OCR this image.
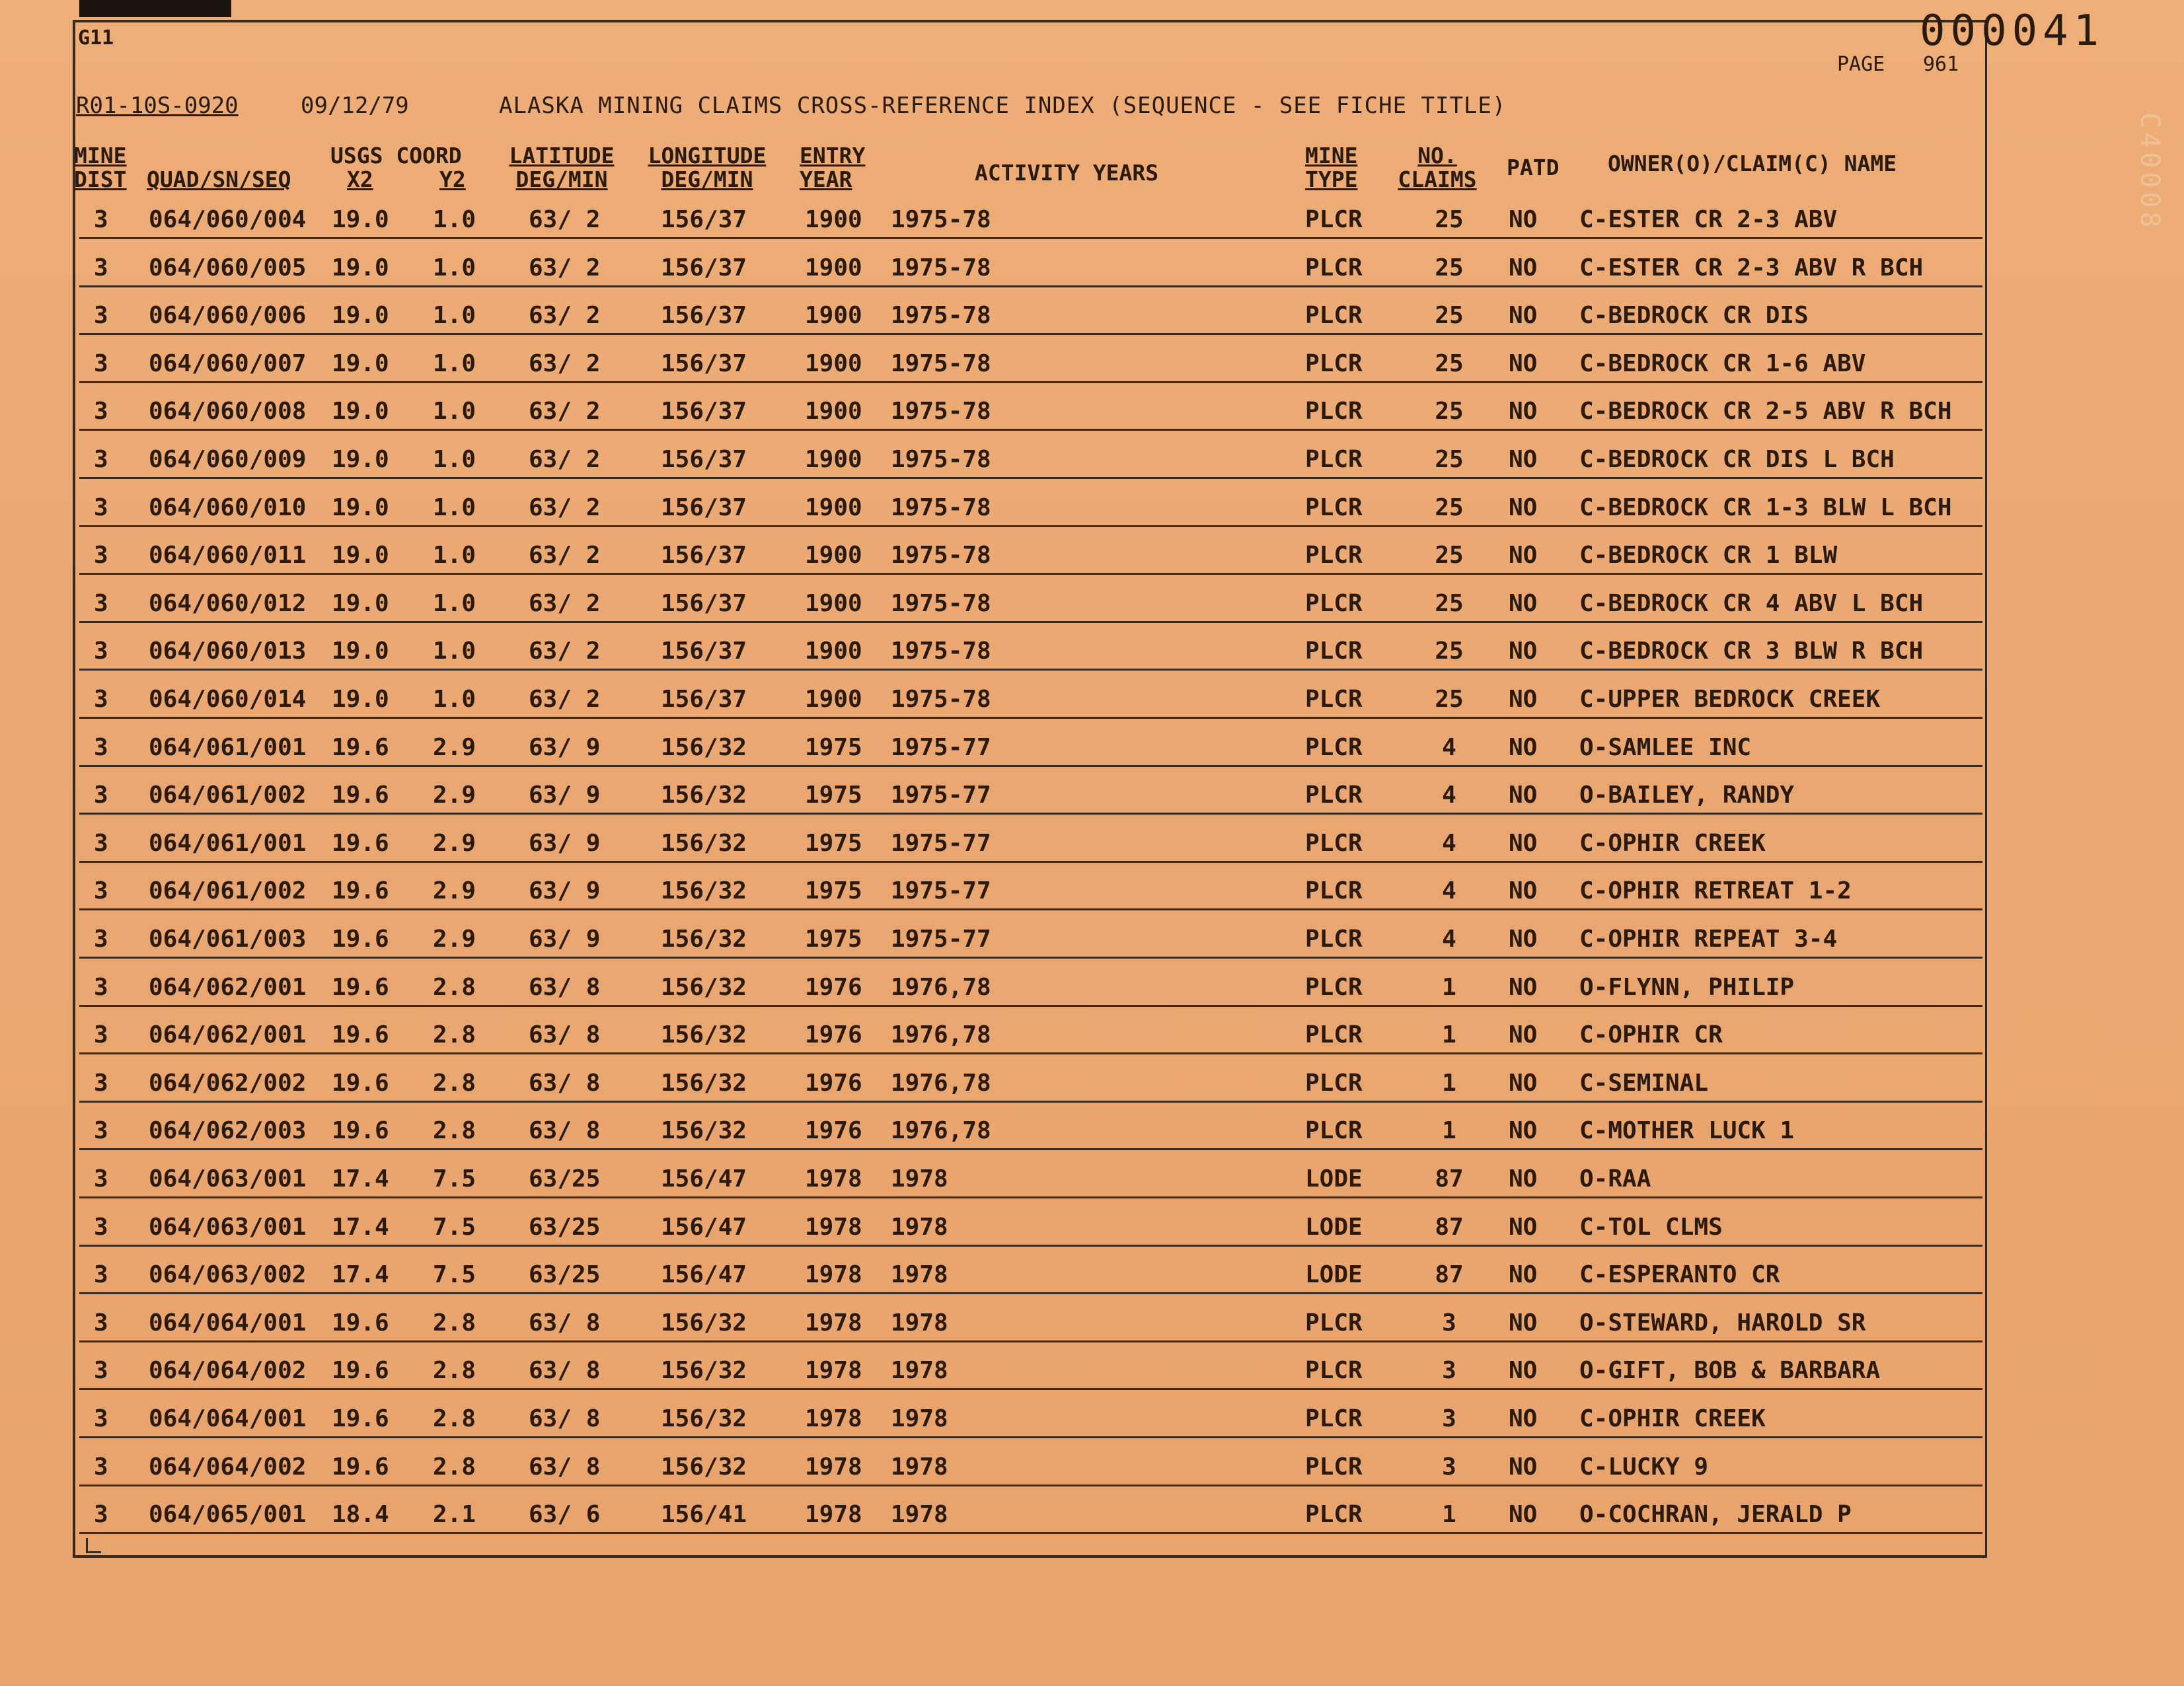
G11	000041
PAGE 961
C40008
R01-10S-0920	09/12/79	ALASKA MINING CLAIMS CROSS-REFERENCE INDEX (SEQUENCE - SEE FICHE TITLE)
MINE
DIST QUAD/SN/SEQ
USGS COORD
X2	Y2
LATITUDE
DEG/MIN
LONGITUDE
DEG/MIN
ENTRY
YEAR	ACTIVITY YEARS
MINE
TYPE
NO.
CLAIMS	PATD OWNER(O)/CLAIM(C) NAME
3 064/060/004 19.0 1.0 63/ 2	156/37 1900 1975-78	PLCR	25	NO C-ESTER CR 2-3 ABV
3 064/060/005 19.0 1.0 63/ 2	156/37 1900 1975-78	PLCR	25	NO C-ESTER CR 2-3 ABV R BCH
3 064/060/006 19.0 1.0 63/ 2	156/37 1900 1975-78	PLCR	25	NO C-BEDROCK CR DIS
3 064/060/007 19.0 1.0 63/ 2	156/37 1900 1975-78	PLCR	25	NO C-BEDROCK CR 1-6 ABV
3 064/060/008 19.0 1.0 63/ 2	156/37 1900 1975-78	PLCR	25	NO C-BEDROCK CR 2-5 ABV R BCH
3 064/060/009 19.0 1.0 63/ 2	156/37 1900 1975-78	PLCR	25	NO C-BEDROCK CR DIS L BCH
3 064/060/010 19.0 1.0 63/ 2	156/37 1900 1975-78	PLCR	25	NO C-BEDROCK CR 1-3 BLW L BCH
3 064/060/011 19.0 1.0 63/ 2	156/37 1900 1975-78	PLCR	25	NO C-BEDROCK CR 1 BLW
3 064/060/012 19.0 1.0 63/ 2	156/37 1900 1975-78	PLCR	25	NO C-BEDROCK CR 4 ABV L BCH
3 064/060/013 19.0 1.0 63/ 2	156/37 1900 1975-78	PLCR	25	NO C-BEDROCK CR 3 BLW R BCH
3 064/060/014 19.0 1.0 63/ 2	156/37 1900 1975-78	PLCR	25	NO C-UPPER BEDROCK CREEK
3 064/061/001 19.6 2.9 63/ 9	156/32 1975 1975-77	PLCR	4	NO O-SAMLEE INC
3 064/061/002 19.6 2.9 63/ 9	156/32 1975 1975-77	PLCR	4	NO O-BAILEY, RANDY
3 064/061/001 19.6 2.9 63/ 9	156/32 1975 1975-77	PLCR	4	NO C-OPHIR CREEK
3 064/061/002 19.6 2.9 63/ 9	156/32 1975 1975-77	PLCR	4	NO C-OPHIR RETREAT 1-2
3 064/061/003 19.6 2.9 63/ 9	156/32 1975 1975-77	PLCR	4	NO C-OPHIR REPEAT 3-4
3 064/062/001 19.6 2.8 63/ 8	156/32 1976 1976,78	PLCR	1	NO O-FLYNN, PHILIP
3 064/062/001 19.6 2.8 63/ 8	156/32 1976 1976,78	PLCR	1	NO C-OPHIR CR
3 064/062/002 19.6 2.8 63/ 8	156/32 1976 1976,78	PLCR	1	NO C-SEMINAL
3 064/062/003 19.6 2.8 63/ 8	156/32 1976 1976,78	PLCR	1	NO C-MOTHER LUCK 1
3 064/063/001 17.4 7.5 63/25	156/47 1978 1978	LODE	87	NO O-RAA
3 064/063/001 17.4 7.5 63/25	156/47 1978 1978	LODE	87	NO C-TOL CLMS
3 064/063/002 17.4 7.5 63/25	156/47 1978 1978	LODE	87	NO C-ESPERANTO CR
3 064/064/001 19.6 2.8 63/ 8	156/32 1978 1978	PLCR	3	NO O-STEWARD, HAROLD SR
3 064/064/002 19.6 2.8 63/ 8	156/32 1978 1978	PLCR	3	NO O-GIFT, BOB & BARBARA
3 064/064/001 19.6 2.8 63/ 8	156/32 1978 1978	PLCR	3	NO C-OPHIR CREEK
3 064/064/002 19.6 2.8 63/ 8	156/32 1978 1978	PLCR	3	NO C-LUCKY 9
3 064/065/001 18.4 2.1 63/ 6	156/41 1978 1978	PLCR	1	NO O-COCHRAN, JERALD P
